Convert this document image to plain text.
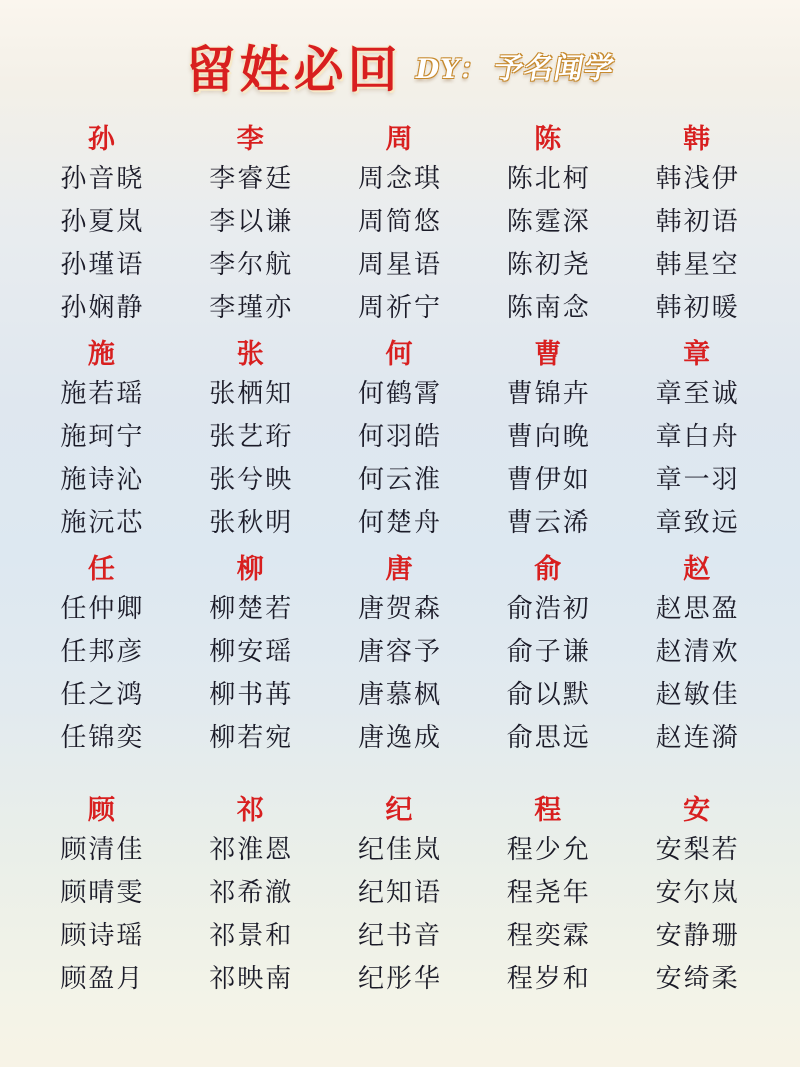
留姓必回 DY： 予名闻学
孙
孙音晓
孙夏岚
孙瑾语
孙娴静
李
李睿廷
李以谦
李尔航
李瑾亦
周
周念琪
周简悠
周星语
周祈宁
陈
陈北柯
陈霆深
陈初尧
陈南念
韩
韩浅伊
韩初语
韩星空
韩初暖
施
施若瑶
施珂宁
施诗沁
施沅芯
张
张栖知
张艺珩
张兮映
张秋明
何
何鹤霄
何羽皓
何云淮
何楚舟
曹
曹锦卉
曹向晚
曹伊如
曹云浠
章
章至诚
章白舟
章一羽
章致远
任
任仲卿
任邦彦
任之鸿
任锦奕
柳
柳楚若
柳安瑶
柳书苒
柳若宛
唐
唐贺森
唐容予
唐慕枫
唐逸成
俞
俞浩初
俞子谦
俞以默
俞思远
赵
赵思盈
赵清欢
赵敏佳
赵连漪
顾
顾清佳
顾晴雯
顾诗瑶
顾盈月
祁
祁淮恩
祁希澈
祁景和
祁映南
纪
纪佳岚
纪知语
纪书音
纪彤华
程
程少允
程尧年
程奕霖
程岁和
安
安梨若
安尔岚
安静珊
安绮柔
